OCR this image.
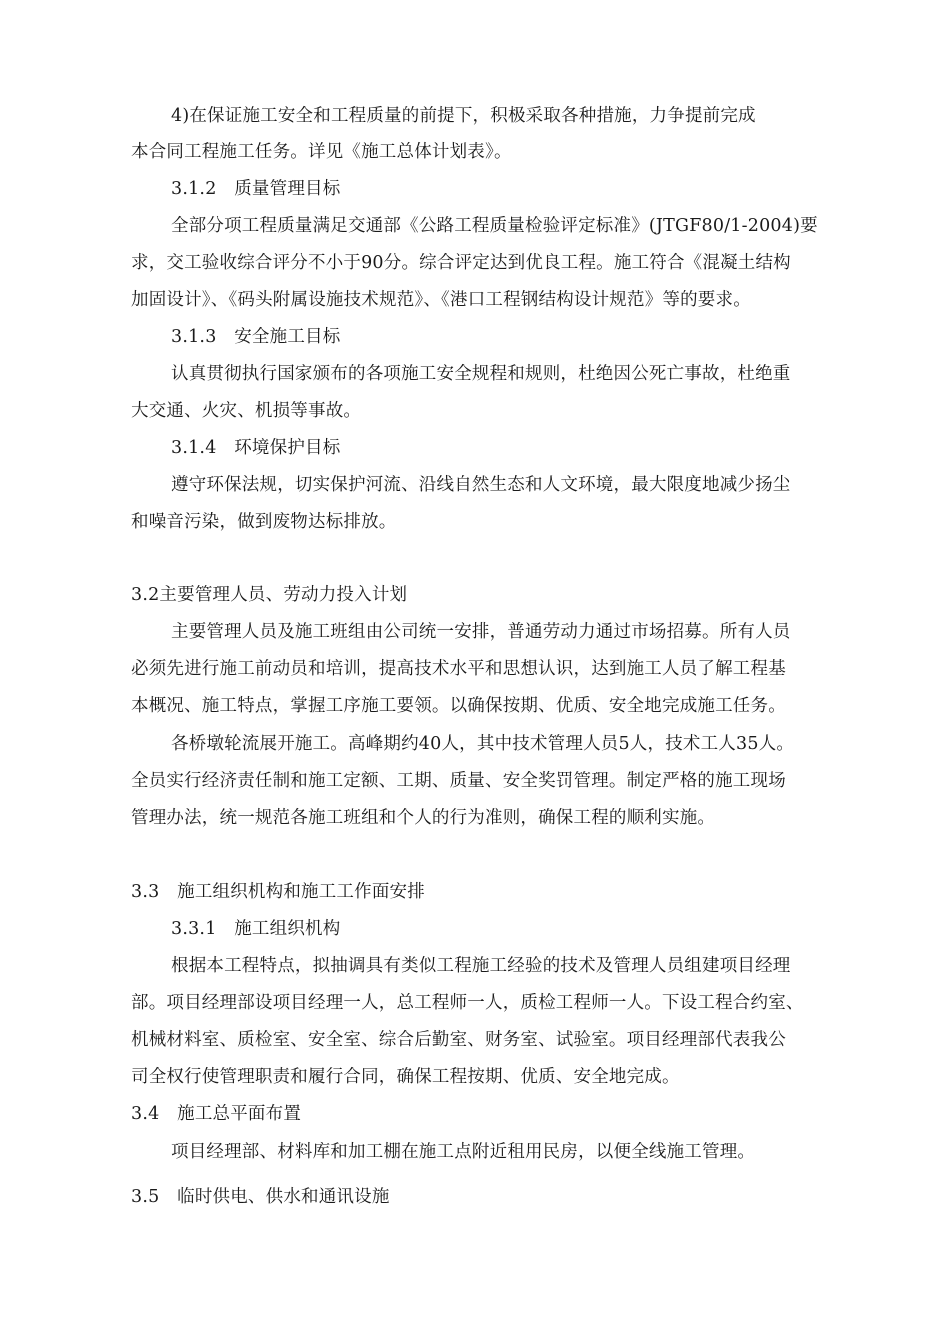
4)在保证施工安全和工程质量的前提下，积极采取各种措施，力争提前完成
本合同工程施工任务。详见《施工总体计划表》。
3.1.2　质量管理目标
全部分项工程质量满足交通部《公路工程质量检验评定标准》(JTGF80/1-2004)要
求，交工验收综合评分不小于90分。综合评定达到优良工程。施工符合《混凝土结构
加固设计》、《码头附属设施技术规范》、《港口工程钢结构设计规范》等的要求。
3.1.3　安全施工目标
认真贯彻执行国家颁布的各项施工安全规程和规则，杜绝因公死亡事故，杜绝重
大交通、火灾、机损等事故。
3.1.4　环境保护目标
遵守环保法规，切实保护河流、沿线自然生态和人文环境，最大限度地减少扬尘
和噪音污染，做到废物达标排放。
3.2主要管理人员、劳动力投入计划
主要管理人员及施工班组由公司统一安排，普通劳动力通过市场招募。所有人员
必须先进行施工前动员和培训，提高技术水平和思想认识，达到施工人员了解工程基
本概况、施工特点，掌握工序施工要领。以确保按期、优质、安全地完成施工任务。
各桥墩轮流展开施工。高峰期约40人，其中技术管理人员5人，技术工人35人。
全员实行经济责任制和施工定额、工期、质量、安全奖罚管理。制定严格的施工现场
管理办法，统一规范各施工班组和个人的行为准则，确保工程的顺利实施。
3.3　施工组织机构和施工工作面安排
3.3.1　施工组织机构
根据本工程特点，拟抽调具有类似工程施工经验的技术及管理人员组建项目经理
部。项目经理部设项目经理一人，总工程师一人，质检工程师一人。下设工程合约室、
机械材料室、质检室、安全室、综合后勤室、财务室、试验室。项目经理部代表我公
司全权行使管理职责和履行合同，确保工程按期、优质、安全地完成。
3.4　施工总平面布置
项目经理部、材料库和加工棚在施工点附近租用民房，以便全线施工管理。
3.5　临时供电、供水和通讯设施
